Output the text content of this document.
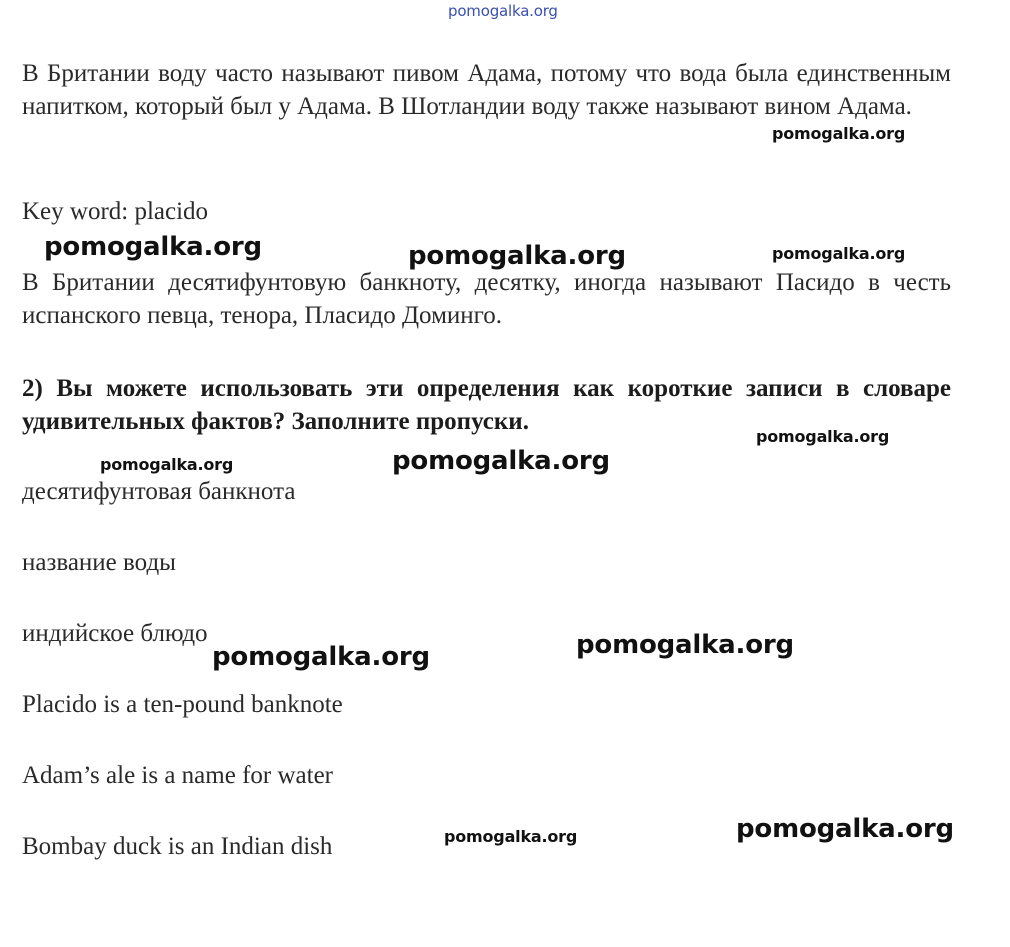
pomogalka.org

В Британии воду часто называют пивом Адама, потому что вода была единственным напитком, который был у Адама. В Шотландии воду также называют вином Адама.

Key word: placido

В Британии десятифунтовую банкноту, десятку, иногда называют Пасидо в честь испанского певца, тенора, Пласидо Доминго.

2) Вы можете использовать эти определения как короткие записи в словаре удивительных фактов? Заполните пропуски.

десятифунтовая банкнота

название воды

индийское блюдо

Placido is a ten-pound banknote

Adam’s ale is a name for water

Bombay duck is an Indian dish

pomogalka.org
pomogalka.org	pomogalka.org	pomogalka.org
pomogalka.org
pomogalka.org	pomogalka.org
pomogalka.org	pomogalka.org
pomogalka.org	pomogalka.org
